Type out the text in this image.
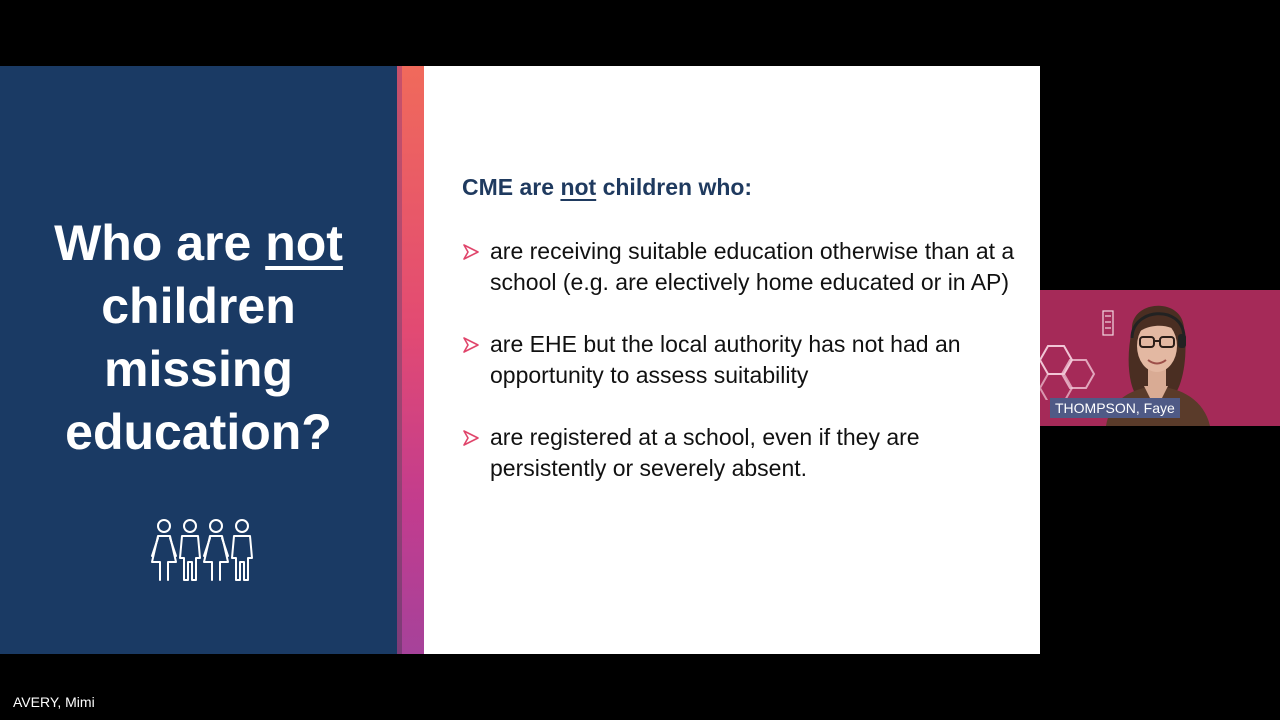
Who are not
children
missing
education?
CME are not children who:
are receiving suitable education otherwise than at a school (e.g. are electively home educated or in AP)
are EHE but the local authority has not had an opportunity to assess suitability
are registered at a school, even if they are persistently or severely absent.
THOMPSON, Faye
AVERY, Mimi
